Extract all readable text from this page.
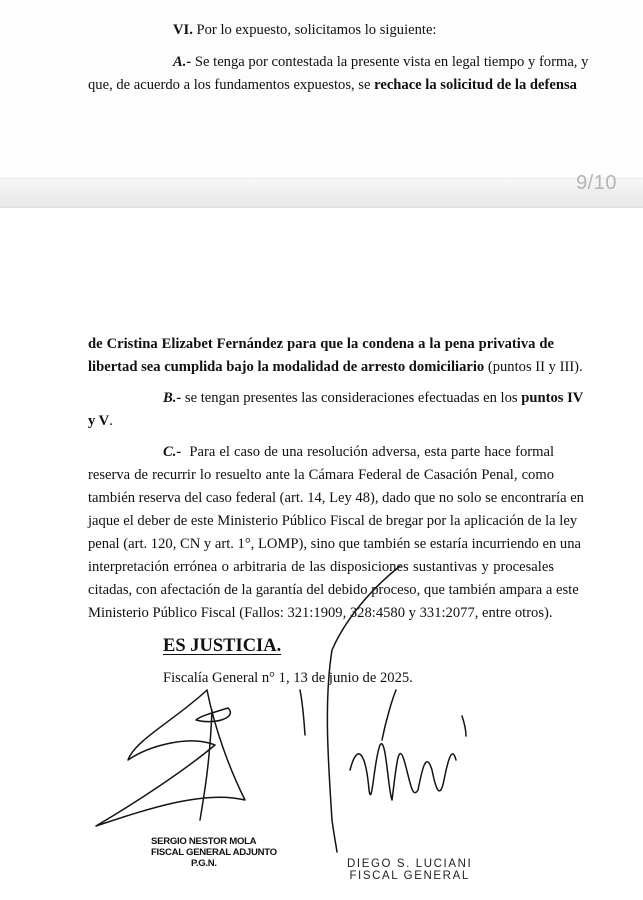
9/10
VI. Por lo expuesto, solicitamos lo siguiente:
A.- Se tenga por contestada la presente vista en legal tiempo y forma, y
que, de acuerdo a los fundamentos expuestos, se rechace la solicitud de la defensa
de Cristina Elizabet Fernández para que la condena a la pena privativa de
libertad sea cumplida bajo la modalidad de arresto domiciliario (puntos II y III).
B.- se tengan presentes las consideraciones efectuadas en los puntos IV
y V.
C.- Para el caso de una resolución adversa, esta parte hace formal
reserva de recurrir lo resuelto ante la Cámara Federal de Casación Penal, como
también reserva del caso federal (art. 14, Ley 48), dado que no solo se encontraría en
jaque el deber de este Ministerio Público Fiscal de bregar por la aplicación de la ley
penal (art. 120, CN y art. 1°, LOMP), sino que también se estaría incurriendo en una
interpretación errónea o arbitraria de las disposiciones sustantivas y procesales
citadas, con afectación de la garantía del debido proceso, que también ampara a este
Ministerio Público Fiscal (Fallos: 321:1909, 328:4580 y 331:2077, entre otros).
ES JUSTICIA.
Fiscalía General n° 1, 13 de junio de 2025.
SERGIO NESTOR MOLA
FISCAL GENERAL ADJUNTO
P.G.N.	DIEGO S. LUCIANI
FISCAL GENERAL
